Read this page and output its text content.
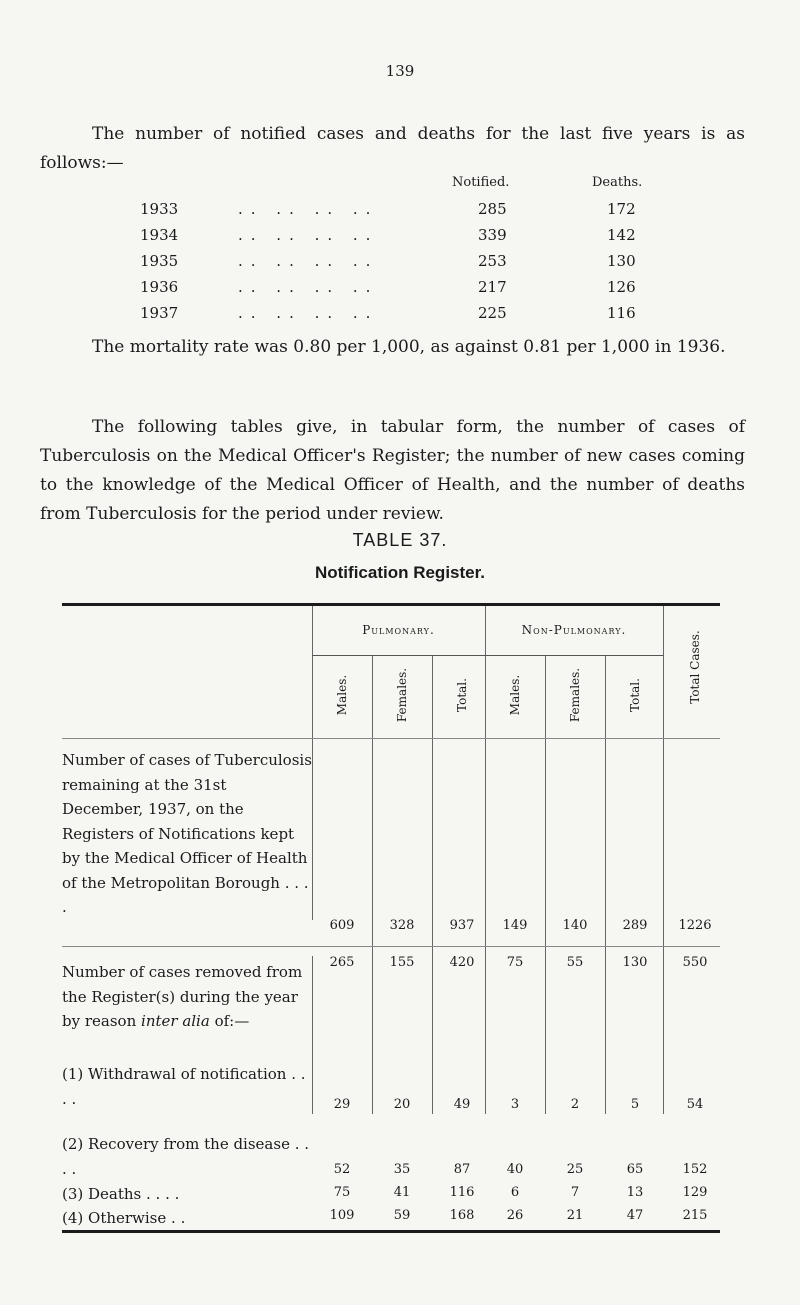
139

The number of notified cases and deaths for the last five years is as follows:—

Notified.	Deaths.
1933	.. .. .. ..	285	172
1934	.. .. .. ..	339	142
1935	.. .. .. ..	253	130
1936	.. .. .. ..	217	126
1937	.. .. .. ..	225	116

The mortality rate was 0.80 per 1,000, as against 0.81 per 1,000 in 1936.

The following tables give, in tabular form, the number of cases of Tuberculosis on the Medical Officer's Register; the number of new cases coming to the knowledge of the Medical Officer of Health, and the number of deaths from Tuberculosis for the period under review.

TABLE 37.
Notification Register.
Pulmonary.	Non-Pulmonary.
Males.	Females.	Total.	Males.	Females.	Total.	Total Cases.

Number of cases of Tuberculosis remaining at the 31st December, 1937, on the Registers of Notifications kept by the Medical Officer of Health of the Metropolitan Borough . . . .

609	328	937	149	140	289	1226

Number of cases removed from the Register(s) during the year by reason inter alia of:—

265	155	420	75	55	130	550

(1) Withdrawal of notification . . . .	29	20	49	3	2	5	54

(2) Recovery from the disease . . . .	52	35	87	40	25	65	152

(3) Deaths . . . .	75	41	116	6	7	13	129

(4) Otherwise . .	109	59	168	26	21	47	215
